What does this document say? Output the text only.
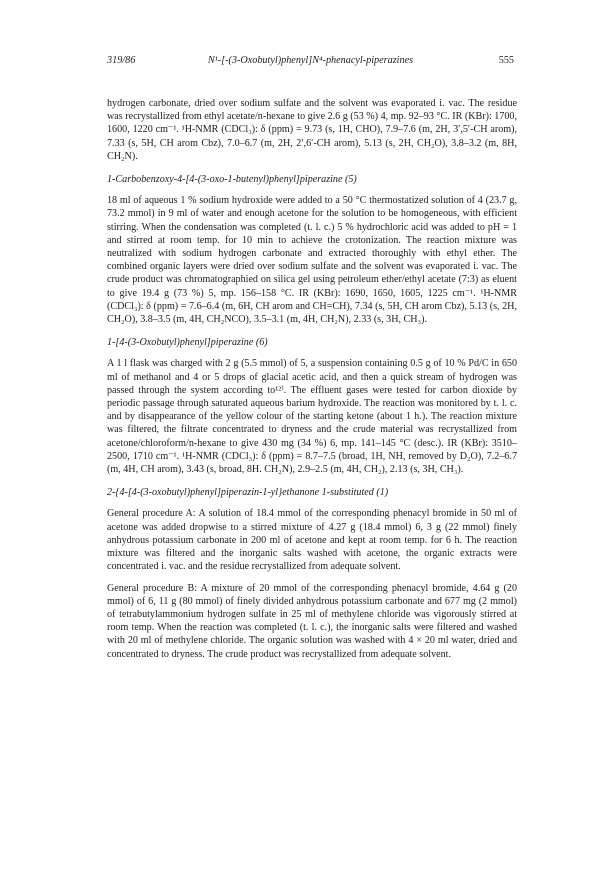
319/86	N¹-[-(3-Oxobutyl)phenyl]N⁴-phenacyl-piperazines	555

hydrogen carbonate, dried over sodium sulfate and the solvent was evaporated i. vac. The residue was recrystallized from ethyl acetate/n-hexane to give 2.6 g (53 %) 4, mp. 92–93 °C. IR (KBr): 1700, 1600, 1220 cm⁻¹. ¹H-NMR (CDCl₃): δ (ppm) = 9.73 (s, 1H, CHO), 7.9–7.6 (m, 2H, 3′,5′-CH arom), 7.33 (s, 5H, CH arom Cbz), 7.0–6.7 (m, 2H, 2′,6′-CH arom), 5.13 (s, 2H, CH₂O), 3.8–3.2 (m, 8H, CH₂N).

1-Carbobenzoxy-4-[4-(3-oxo-1-butenyl)phenyl]piperazine (5)

18 ml of aqueous 1 % sodium hydroxide were added to a 50 °C thermostatized solution of 4 (23.7 g, 73.2 mmol) in 9 ml of water and enough acetone for the solution to be homogeneous, with efficient stirring. When the condensation was completed (t. l. c.) 5 % hydrochloric acid was added to pH = 1 and stirred at room temp. for 10 min to achieve the crotonization. The reaction mixture was neutralized with sodium hydrogen carbonate and extracted thoroughly with ethyl ether. The combined organic layers were dried over sodium sulfate and the solvent was evaporated i. vac. The crude product was chromatographied on silica gel using petroleum ether/ethyl acetate (7:3) as eluent to give 19.4 g (73 %) 5, mp. 156–158 °C. IR (KBr): 1690, 1650, 1605, 1225 cm⁻¹. ¹H-NMR (CDCl₃): δ (ppm) = 7.6–6.4 (m, 6H, CH arom and CH=CH), 7.34 (s, 5H, CH arom Cbz), 5.13 (s, 2H, CH₂O), 3.8–3.5 (m, 4H, CH₂NCO), 3.5–3.1 (m, 4H, CH₂N), 2.33 (s, 3H, CH₃).

1-[4-(3-Oxobutyl)phenyl]piperazine (6)

A 1 l flask was charged with 2 g (5.5 mmol) of 5, a suspension containing 0.5 g of 10 % Pd/C in 650 ml of methanol and 4 or 5 drops of glacial acetic acid, and then a quick stream of hydrogen was passed through the system according to¹²⁾. The effluent gases were tested for carbon dioxide by periodic passage through saturated aqueous barium hydroxide. The reaction was monitored by t. l. c. and by disappearance of the yellow colour of the starting ketone (about 1 h.). The reaction mixture was filtered, the filtrate concentrated to dryness and the crude material was recrystallized from acetone/chloroform/n-hexane to give 430 mg (34 %) 6, mp. 141–145 °C (desc.). IR (KBr): 3510–2500, 1710 cm⁻¹. ¹H-NMR (CDCl₃): δ (ppm) = 8.7–7.5 (broad, 1H, NH, removed by D₂O), 7.2–6.7 (m, 4H, CH arom), 3.43 (s, broad, 8H. CH₂N), 2.9–2.5 (m, 4H, CH₂), 2.13 (s, 3H, CH₃).

2-{4-[4-(3-oxobutyl)phenyl]piperazin-1-yl}ethanone 1-substituted (1)

General procedure A: A solution of 18.4 mmol of the corresponding phenacyl bromide in 50 ml of acetone was added dropwise to a stirred mixture of 4.27 g (18.4 mmol) 6, 3 g (22 mmol) finely anhydrous potassium carbonate in 200 ml of acetone and kept at room temp. for 6 h. The reaction mixture was filtered and the inorganic salts washed with acetone, the organic extracts were concentrated i. vac. and the residue recrystallized from adequate solvent.

General procedure B: A mixture of 20 mmol of the corresponding phenacyl bromide, 4.64 g (20 mmol) of 6, 11 g (80 mmol) of finely divided anhydrous potassium carbonate and 677 mg (2 mmol) of tetrabutylammonium hydrogen sulfate in 25 ml of methylene chloride was vigorously stirred at room temp. When the reaction was completed (t. l. c.), the inorganic salts were filtered and washed with 20 ml of methylene chloride. The organic solution was washed with 4 × 20 ml water, dried and concentrated to dryness. The crude product was recrystallized from adequate solvent.
